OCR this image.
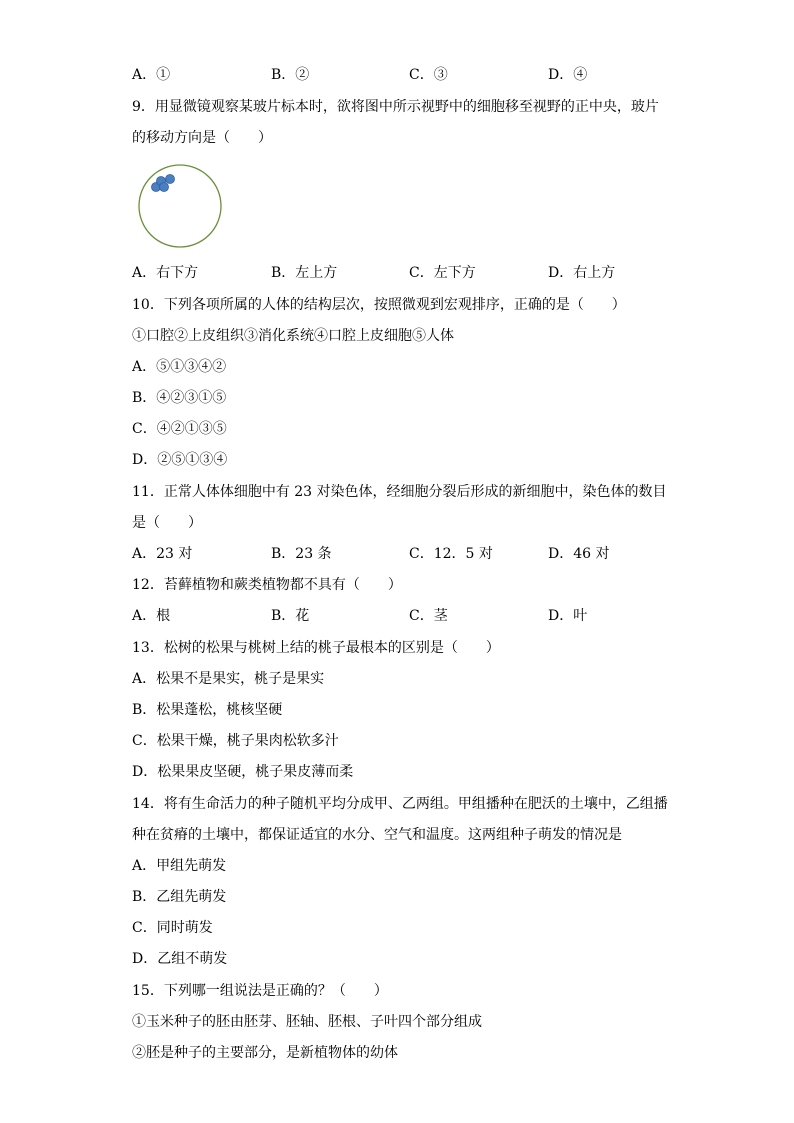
A．①	B．②	C．③	D．④
9．用显微镜观察某玻片标本时，欲将图中所示视野中的细胞移至视野的正中央，玻片
的移动方向是（　　）
A．右下方	B．左上方	C．左下方	D．右上方
10．下列各项所属的人体的结构层次，按照微观到宏观排序，正确的是（　　）
①口腔②上皮组织③消化系统④口腔上皮细胞⑤人体
A．⑤①③④②
B．④②③①⑤
C．④②①③⑤
D．②⑤①③④
11．正常人体体细胞中有 23 对染色体，经细胞分裂后形成的新细胞中，染色体的数目
是（　　）
A．23 对	B．23 条	C．12．5 对	D．46 对
12．苔藓植物和蕨类植物都不具有（　　）
A．根	B．花	C．茎	D．叶
13．松树的松果与桃树上结的桃子最根本的区别是（　　）
A．松果不是果实，桃子是果实
B．松果蓬松，桃核坚硬
C．松果干燥，桃子果肉松软多汁
D．松果果皮坚硬，桃子果皮薄而柔
14．将有生命活力的种子随机平均分成甲、乙两组。甲组播种在肥沃的土壤中，乙组播
种在贫瘠的土壤中，都保证适宜的水分、空气和温度。这两组种子萌发的情况是
A．甲组先萌发
B．乙组先萌发
C．同时萌发
D．乙组不萌发
15．下列哪一组说法是正确的？（　　）
①玉米种子的胚由胚芽、胚轴、胚根、子叶四个部分组成
②胚是种子的主要部分，是新植物体的幼体
